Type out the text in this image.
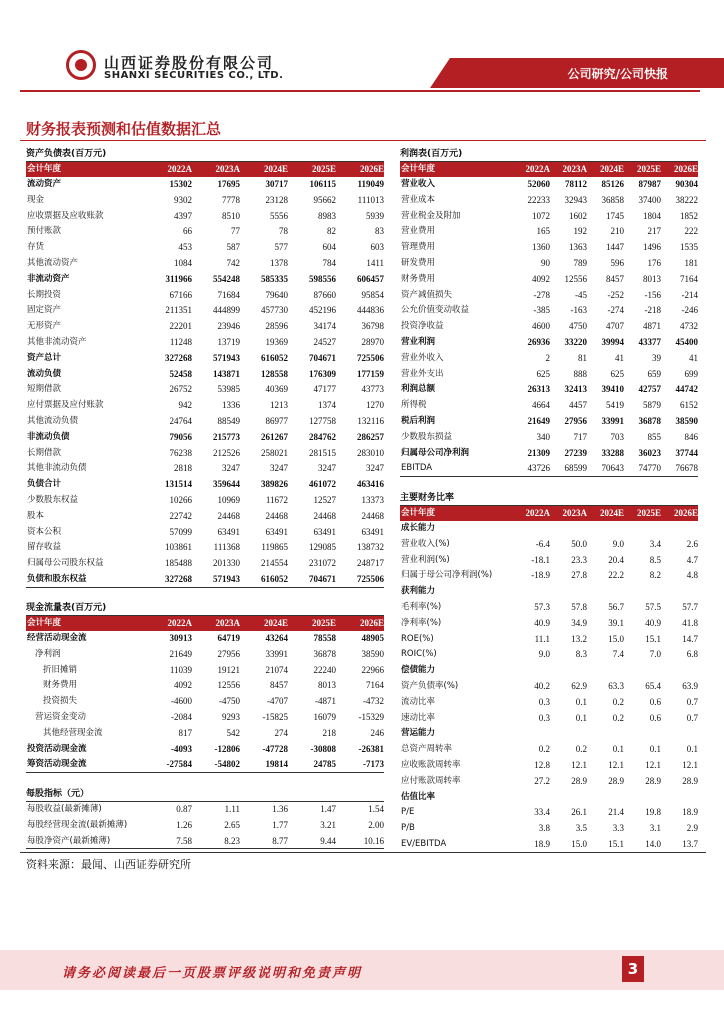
山西证券股份有限公司
SHANXI SECURITIES CO., LTD.	公司研究/公司快报
财务报表预测和估值数据汇总
资产负债表(百万元)
会计年度	2022A	2023A	2024E	2025E	2026E
流动资产	15302	17695	30717	106115	119049
现金	9302	7778	23128	95662	111013
应收票据及应收账款	4397	8510	5556	8983	5939
预付账款	66	77	78	82	83
存货	453	587	577	604	603
其他流动资产	1084	742	1378	784	1411
非流动资产	311966	554248	585335	598556	606457
长期投资	67166	71684	79640	87660	95854
固定资产	211351	444899	457730	452196	444836
无形资产	22201	23946	28596	34174	36798
其他非流动资产	11248	13719	19369	24527	28970
资产总计	327268	571943	616052	704671	725506
流动负债	52458	143871	128558	176309	177159
短期借款	26752	53985	40369	47177	43773
应付票据及应付账款	942	1336	1213	1374	1270
其他流动负债	24764	88549	86977	127758	132116
非流动负债	79056	215773	261267	284762	286257
长期借款	76238	212526	258021	281515	283010
其他非流动负债	2818	3247	3247	3247	3247
负债合计	131514	359644	389826	461072	463416
少数股东权益	10266	10969	11672	12527	13373
股本	22742	24468	24468	24468	24468
资本公积	57099	63491	63491	63491	63491
留存收益	103861	111368	119865	129085	138732
归属母公司股东权益	185488	201330	214554	231072	248717
负债和股东权益	327268	571943	616052	704671	725506
现金流量表(百万元)
会计年度	2022A	2023A	2024E	2025E	2026E
经营活动现金流	30913	64719	43264	78558	48905
净利润	21649	27956	33991	36878	38590
折旧摊销	11039	19121	21074	22240	22966
财务费用	4092	12556	8457	8013	7164
投资损失	-4600	-4750	-4707	-4871	-4732
营运资金变动	-2084	9293	-15825	16079	-15329
其他经营现金流	817	542	274	218	246
投资活动现金流	-4093	-12806	-47728	-30808	-26381
筹资活动现金流	-27584	-54802	19814	24785	-7173
每股指标（元）
每股收益(最新摊薄)	0.87	1.11	1.36	1.47	1.54
每股经营现金流(最新摊薄)	1.26	2.65	1.77	3.21	2.00
每股净资产(最新摊薄)	7.58	8.23	8.77	9.44	10.16
利润表(百万元)
会计年度	2022A	2023A	2024E	2025E	2026E
营业收入	52060	78112	85126	87987	90304
营业成本	22233	32943	36858	37400	38222
营业税金及附加	1072	1602	1745	1804	1852
营业费用	165	192	210	217	222
管理费用	1360	1363	1447	1496	1535
研发费用	90	789	596	176	181
财务费用	4092	12556	8457	8013	7164
资产减值损失	-278	-45	-252	-156	-214
公允价值变动收益	-385	-163	-274	-218	-246
投资净收益	4600	4750	4707	4871	4732
营业利润	26936	33220	39994	43377	45400
营业外收入	2	81	41	39	41
营业外支出	625	888	625	659	699
利润总额	26313	32413	39410	42757	44742
所得税	4664	4457	5419	5879	6152
税后利润	21649	27956	33991	36878	38590
少数股东损益	340	717	703	855	846
归属母公司净利润	21309	27239	33288	36023	37744
EBITDA	43726	68599	70643	74770	76678
主要财务比率
会计年度	2022A	2023A	2024E	2025E	2026E
成长能力
营业收入(%)	-6.4	50.0	9.0	3.4	2.6
营业利润(%)	-18.1	23.3	20.4	8.5	4.7
归属于母公司净利润(%)	-18.9	27.8	22.2	8.2	4.8
获利能力
毛利率(%)	57.3	57.8	56.7	57.5	57.7
净利率(%)	40.9	34.9	39.1	40.9	41.8
ROE(%)	11.1	13.2	15.0	15.1	14.7
ROIC(%)	9.0	8.3	7.4	7.0	6.8
偿债能力
资产负债率(%)	40.2	62.9	63.3	65.4	63.9
流动比率	0.3	0.1	0.2	0.6	0.7
速动比率	0.3	0.1	0.2	0.6	0.7
营运能力
总资产周转率	0.2	0.2	0.1	0.1	0.1
应收账款周转率	12.8	12.1	12.1	12.1	12.1
应付账款周转率	27.2	28.9	28.9	28.9	28.9
估值比率
P/E	33.4	26.1	21.4	19.8	18.9
P/B	3.8	3.5	3.3	3.1	2.9
EV/EBITDA	18.9	15.0	15.1	14.0	13.7
资料来源：最闻、山西证券研究所
请务必阅读最后一页股票评级说明和免责声明	3
